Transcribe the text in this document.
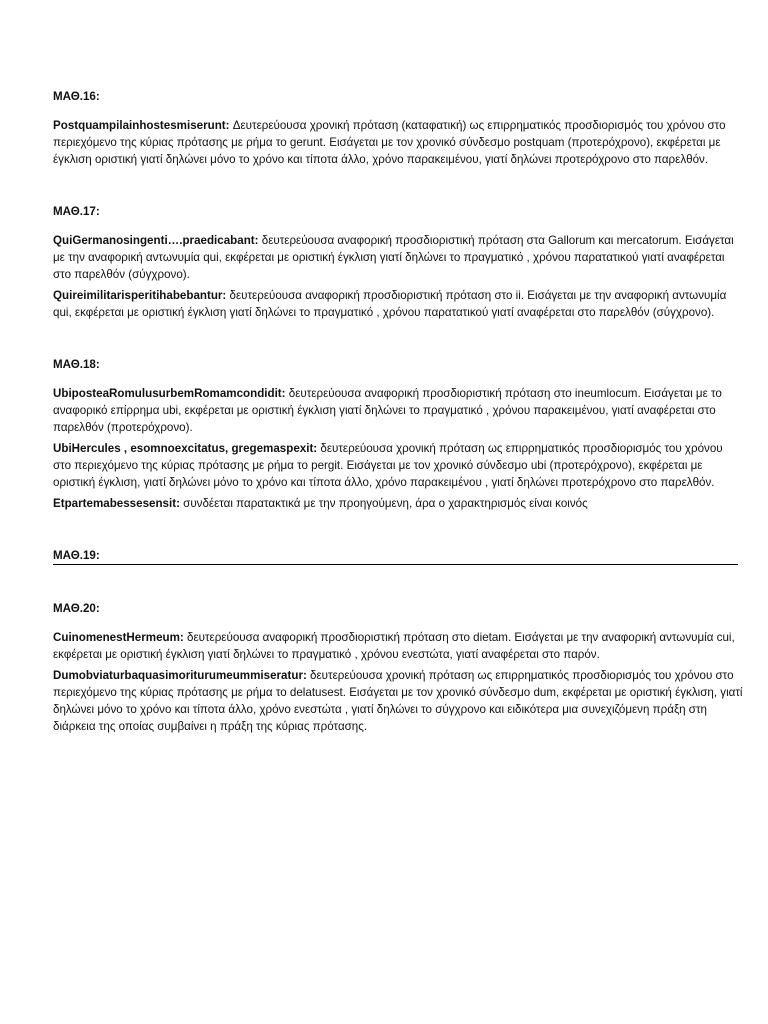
ΜΑΘ.16:

Postquampilainhostesmiserunt: Δευτερεύουσα χρονική πρόταση (καταφατική) ως επιρρηματικός προσδιορισμός του χρόνου στο περιεχόμενο της κύριας πρότασης με ρήμα το gerunt. Εισάγεται με τον χρονικό σύνδεσμο postquam (προτερόχρονο), εκφέρεται με έγκλιση οριστική γιατί δηλώνει μόνο το χρόνο και τίποτα άλλο, χρόνο παρακειμένου, γιατί δηλώνει προτερόχρονο στο παρελθόν.

ΜΑΘ.17:

QuiGermanosingenti….praedicabant: δευτερεύουσα αναφορική προσδιοριστική πρόταση στα Gallorum και mercatorum. Εισάγεται με την αναφορική αντωνυμία qui, εκφέρεται με οριστική έγκλιση γιατί δηλώνει το πραγματικό , χρόνου παρατατικού γιατί αναφέρεται στο παρελθόν (σύγχρονο).

Quireimilitarisperitihabebantur: δευτερεύουσα αναφορική προσδιοριστική πρόταση στο ii. Εισάγεται με την αναφορική αντωνυμία qui, εκφέρεται με οριστική έγκλιση γιατί δηλώνει το πραγματικό , χρόνου παρατατικού γιατί αναφέρεται στο παρελθόν (σύγχρονο).

ΜΑΘ.18:

UbiposteaRomulusurbemRomamcondidit: δευτερεύουσα αναφορική προσδιοριστική πρόταση στο ineumlocum. Εισάγεται με το αναφορικό επίρρημα ubi, εκφέρεται με οριστική έγκλιση γιατί δηλώνει το πραγματικό , χρόνου παρακειμένου, γιατί αναφέρεται στο παρελθόν (προτερόχρονο).

UbiHercules , esomnoexcitatus, gregemaspexit: δευτερεύουσα χρονική πρόταση ως επιρρηματικός προσδιορισμός του χρόνου στο περιεχόμενο της κύριας πρότασης με ρήμα το pergit. Εισάγεται με τον χρονικό σύνδεσμο ubi (προτερόχρονο), εκφέρεται με οριστική έγκλιση, γιατί δηλώνει μόνο το χρόνο και τίποτα άλλο, χρόνο παρακειμένου , γιατί δηλώνει προτερόχρονο στο παρελθόν.

Etpartemabessesensit: συνδέεται παρατακτικά με την προηγούμενη, άρα ο χαρακτηρισμός είναι κοινός

ΜΑΘ.19:

ΜΑΘ.20:

CuinomenestHermeum: δευτερεύουσα αναφορική προσδιοριστική πρόταση στο dietam. Εισάγεται με την αναφορική αντωνυμία cui, εκφέρεται με οριστική έγκλιση γιατί δηλώνει το πραγματικό , χρόνου ενεστώτα, γιατί αναφέρεται στο παρόν.

Dumobviaturbaquasimoriturumeummiseratur: δευτερεύουσα χρονική πρόταση ως επιρρηματικός προσδιορισμός του χρόνου στο περιεχόμενο της κύριας πρότασης με ρήμα το delatusest. Εισάγεται με τον χρονικό σύνδεσμο dum, εκφέρεται με οριστική έγκλιση, γιατί δηλώνει μόνο το χρόνο και τίποτα άλλο, χρόνο ενεστώτα , γιατί δηλώνει το σύγχρονο και ειδικότερα μια συνεχιζόμενη πράξη στη διάρκεια της οποίας συμβαίνει η πράξη της κύριας πρότασης.
